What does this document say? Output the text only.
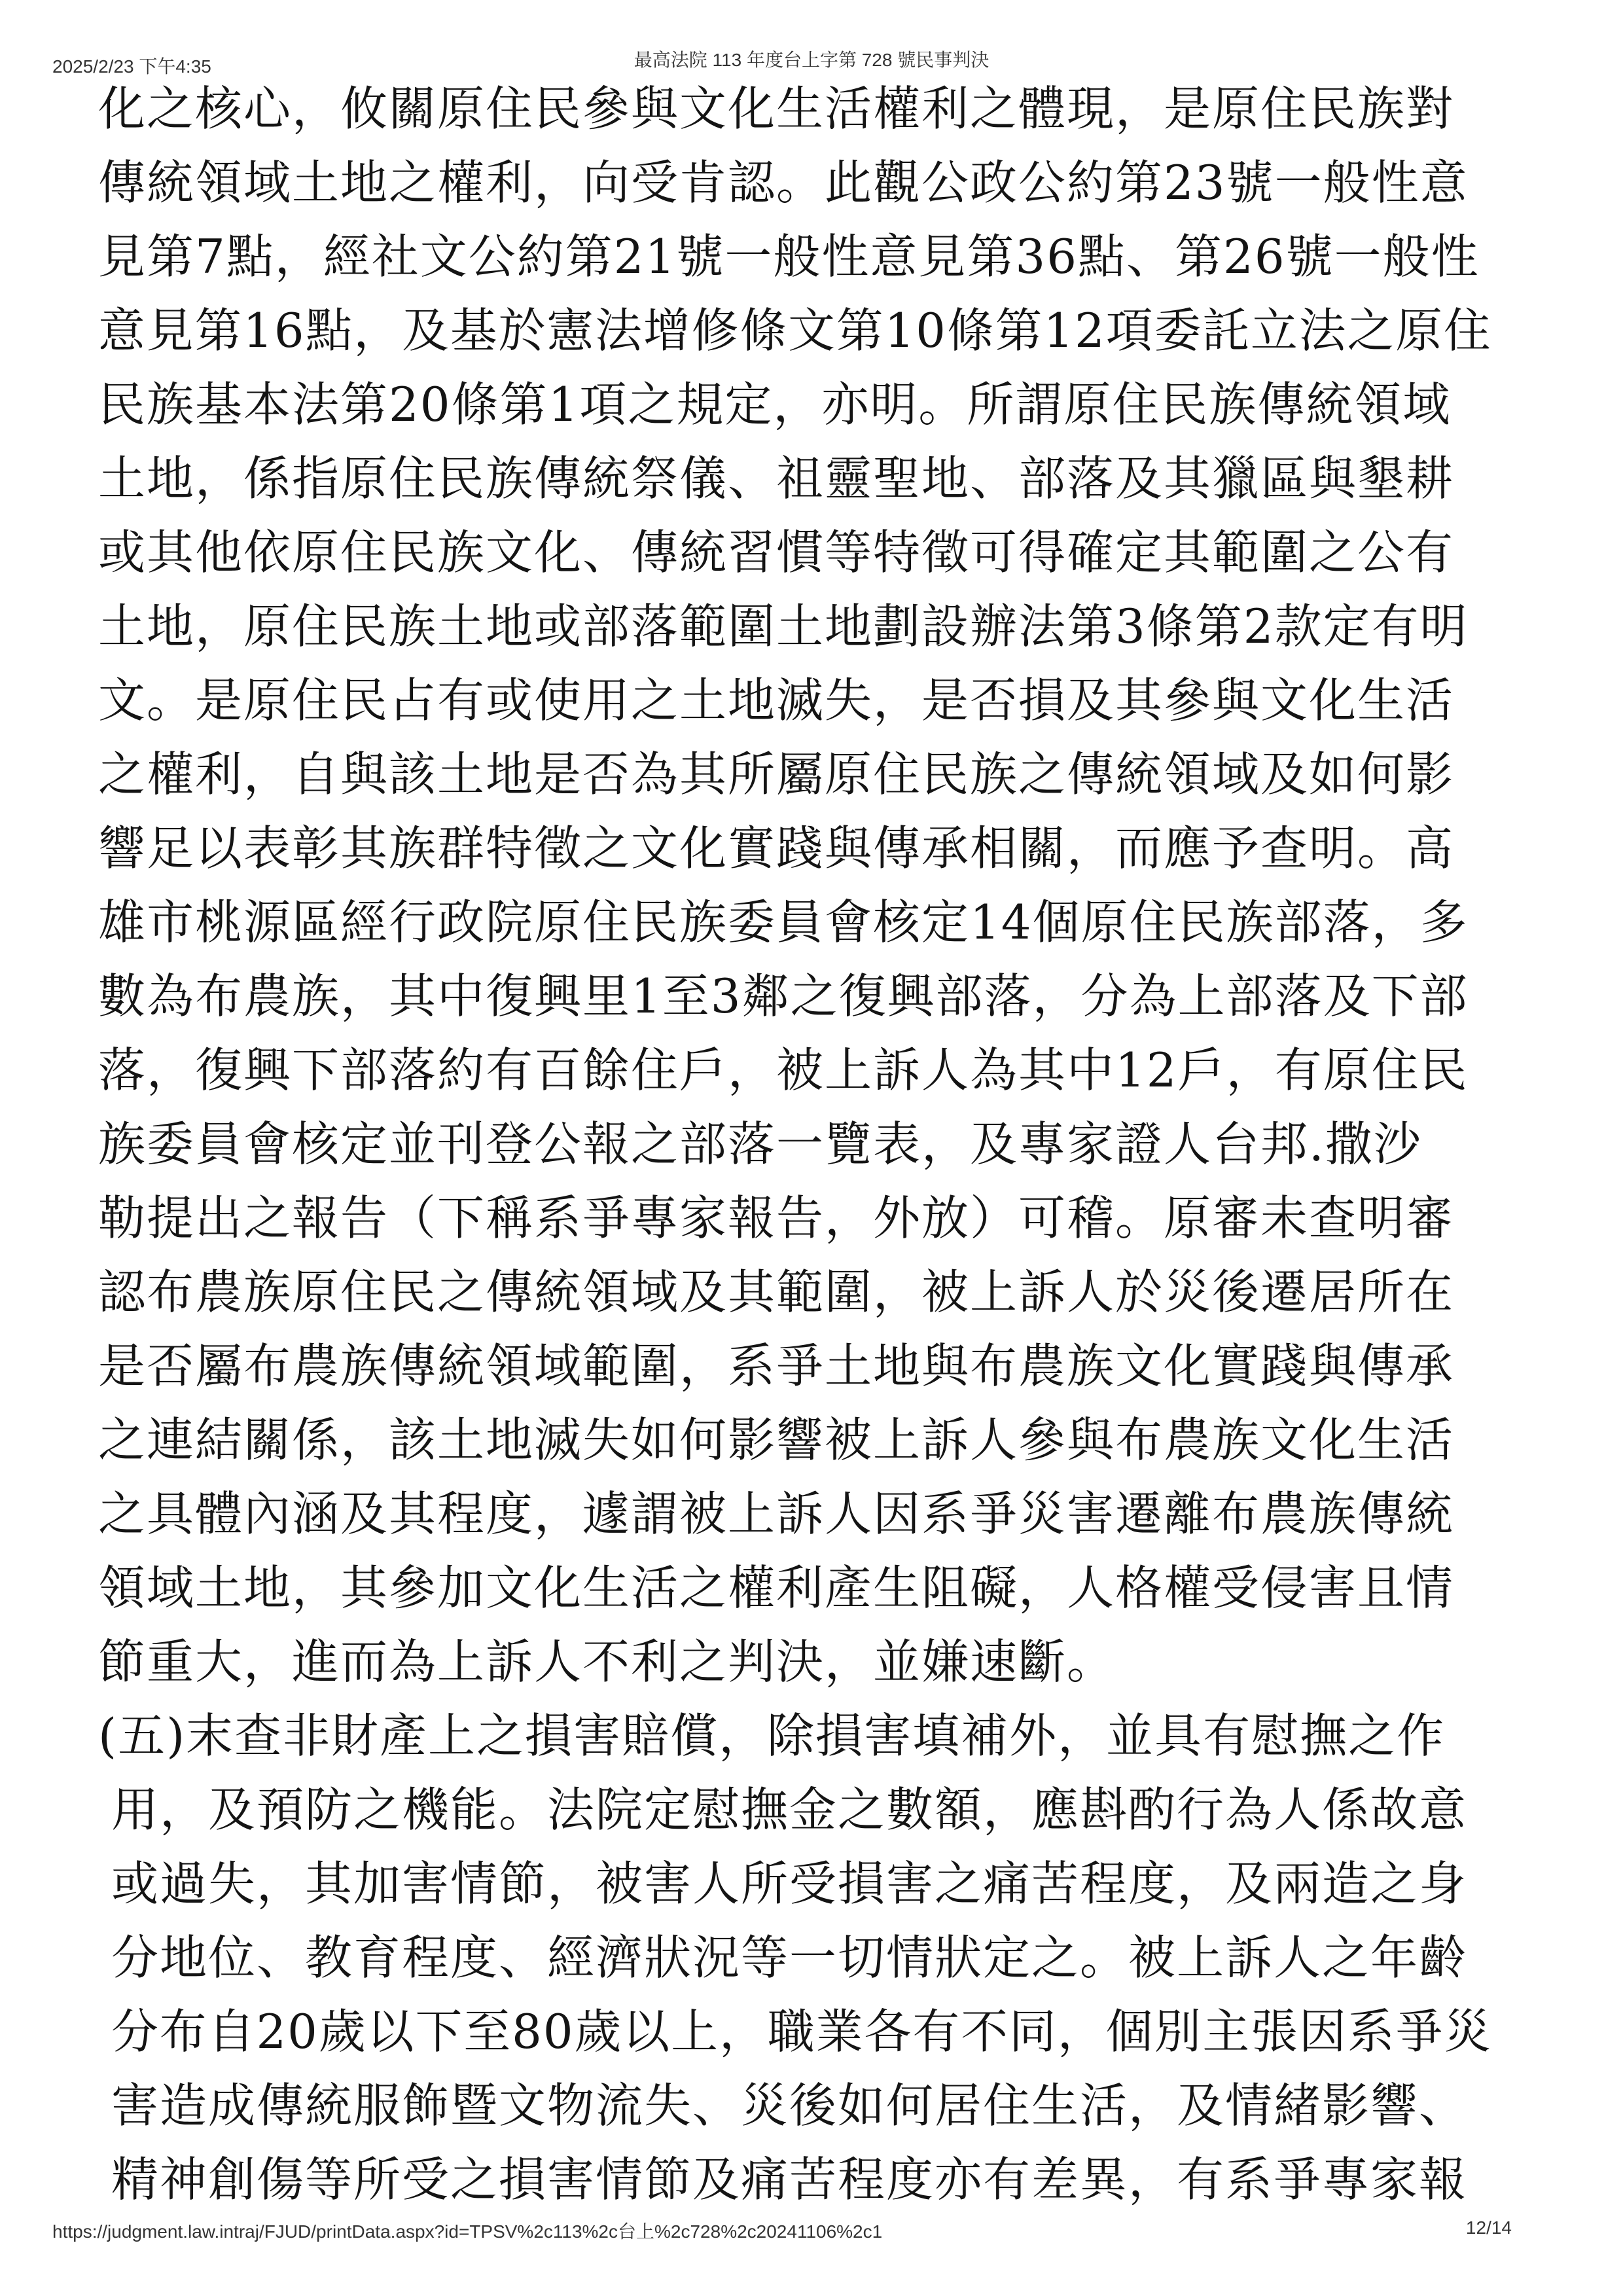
最高法院 113 年度台上字第 728 號民事判決
2025/2/23 下午4:35
化之核心，攸關原住民參與文化生活權利之體現，是原住民族對
傳統領域土地之權利，向受肯認。此觀公政公約第23號一般性意
見第7點，經社文公約第21號一般性意見第36點、第26號一般性
意見第16點，及基於憲法增修條文第10條第12項委託立法之原住
民族基本法第20條第1項之規定，亦明。所謂原住民族傳統領域
土地，係指原住民族傳統祭儀、祖靈聖地、部落及其獵區與墾耕
或其他依原住民族文化、傳統習慣等特徵可得確定其範圍之公有
土地，原住民族土地或部落範圍土地劃設辦法第3條第2款定有明
文。是原住民占有或使用之土地滅失，是否損及其參與文化生活
之權利，自與該土地是否為其所屬原住民族之傳統領域及如何影
響足以表彰其族群特徵之文化實踐與傳承相關，而應予查明。高
雄市桃源區經行政院原住民族委員會核定14個原住民族部落，多
數為布農族，其中復興里1至3鄰之復興部落，分為上部落及下部
落，復興下部落約有百餘住戶，被上訴人為其中12戶，有原住民
族委員會核定並刊登公報之部落一覽表，及專家證人台邦.撒沙
勒提出之報告（下稱系爭專家報告，外放）可稽。原審未查明審
認布農族原住民之傳統領域及其範圍，被上訴人於災後遷居所在
是否屬布農族傳統領域範圍，系爭土地與布農族文化實踐與傳承
之連結關係，該土地滅失如何影響被上訴人參與布農族文化生活
之具體內涵及其程度，遽謂被上訴人因系爭災害遷離布農族傳統
領域土地，其參加文化生活之權利產生阻礙，人格權受侵害且情
節重大，進而為上訴人不利之判決，並嫌速斷。
(五)末查非財產上之損害賠償，除損害填補外，並具有慰撫之作
用，及預防之機能。法院定慰撫金之數額，應斟酌行為人係故意
或過失，其加害情節，被害人所受損害之痛苦程度，及兩造之身
分地位、教育程度、經濟狀況等一切情狀定之。被上訴人之年齡
分布自20歲以下至80歲以上，職業各有不同，個別主張因系爭災
害造成傳統服飾暨文物流失、災後如何居住生活，及情緒影響、
精神創傷等所受之損害情節及痛苦程度亦有差異，有系爭專家報
https://judgment.law.intraj/FJUD/printData.aspx?id=TPSV%2c113%2c台上%2c728%2c20241106%2c1	12/14
